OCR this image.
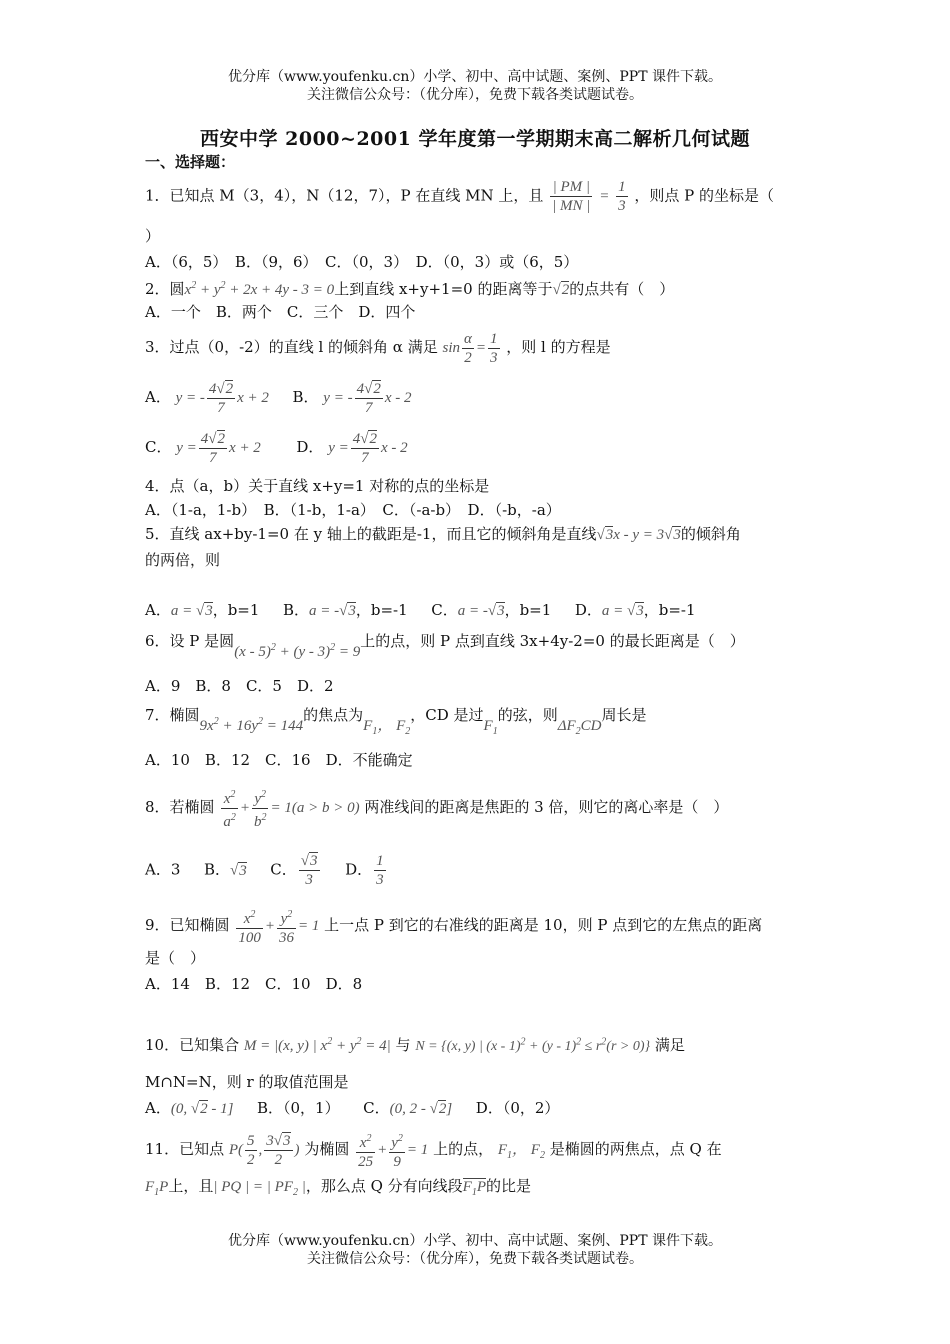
优分库（www.youfenku.cn）小学、初中、高中试题、案例、PPT 课件下载。
关注微信公众号：（优分库），免费下载各类试题试卷。
西安中学 2000~2001 学年度第一学期期末高二解析几何试题
一、选择题：
1．已知点 M（3，4），N（12，7），P 在直线 MN 上，且 $\frac{| PM |}{| MN |} = \frac{1}{3}$ ，则点 P 的坐标是（
）
A．（6，5）　B．（9，6）　C．（0，3）　D．（0，3）或（6，5）
2．圆$x^2 + y^2 + 2x + 4y - 3 = 0$上到直线 x+y+1=0 的距离等于√2的点共有（　）
A．一个　B．两个　C．三个　D．四个
3．过点（0，-2）的直线 l 的倾斜角 α 满足 $\sin \frac{\alpha}{2} = \frac{1}{3}$ ，则 l 的方程是
A． y = - $\frac{4√2}{7}$ x + 2 B． y = - $\frac{4√2}{7}$ x - 2
C． $y = \frac{4√2}{7}$ x + 2 D． $y = \frac{4√2}{7}$ x - 2
4．点（a，b）关于直线 x+y=1 对称的点的坐标是
A．（1-a，1-b）　B．（1-b，1-a）　C．（-a-b）　D．（-b，-a）
5．直线 ax+by-1=0 在 y 轴上的截距是-1，而且它的倾斜角是直线√3x - y = 3√3的倾斜角
的两倍，则
A．a = √3，b=1 B．a = -√3，b=-1 C．a = -√3，b=1 D．a = √3，b=-1
6．设 P 是圆(x - 5)$^2$ + (y - 3)$^2$ = 9上的点，则 P 点到直线 3x+4y-2=0 的最长距离是（　）
A．9　B．8　C．5　D．2
7．椭圆$9x^2 + 16y^2 = 144$的焦点为$F_1$， $F_2$，CD 是过$F_1$的弦，则$\Delta F_2CD$周长是
A．10　B．12　C．16　D．不能确定
8．若椭圆 $\frac{x^2}{a^2} + \frac{y^2}{b^2} = 1(a > b > 0)$ 两准线间的距离是焦距的 3 倍，则它的离心率是（　）
A．3 B．√3 C． $\frac{√3}{3}$ D． $\frac{1}{3}$
9．已知椭圆 $\frac{x^2}{100} + \frac{y^2}{36} = 1$ 上一点 P 到它的右准线的距离是 10，则 P 点到它的左焦点的距离
是（　）
A．14　B．12　C．10　D．8
10．已知集合 M = |(x, y) | $x^2 + y^2 = 4|$ 与 N = {(x, y) | $(x - 1)^2 + (y - 1)^2 \le r^2(r > 0)$} 满足
M∩N=N，则 r 的取值范围是
A．(0, √2 - 1] B．（0，1） C．(0, 2 - √2] D．（0，2）
11．已知点 $P( \frac{5}{2}$ , $\frac{3√3}{2}$ ) 为椭圆 $\frac{x^2}{25} + \frac{y^2}{9} = 1$ 上的点， $F_1$， $F_2$ 是椭圆的两焦点，点 Q 在
$F_1P$上，且| PQ | = | $PF_2$ |，那么点 Q 分有向线段$F_1P$的比是
优分库（www.youfenku.cn）小学、初中、高中试题、案例、PPT 课件下载。
关注微信公众号：（优分库），免费下载各类试题试卷。
